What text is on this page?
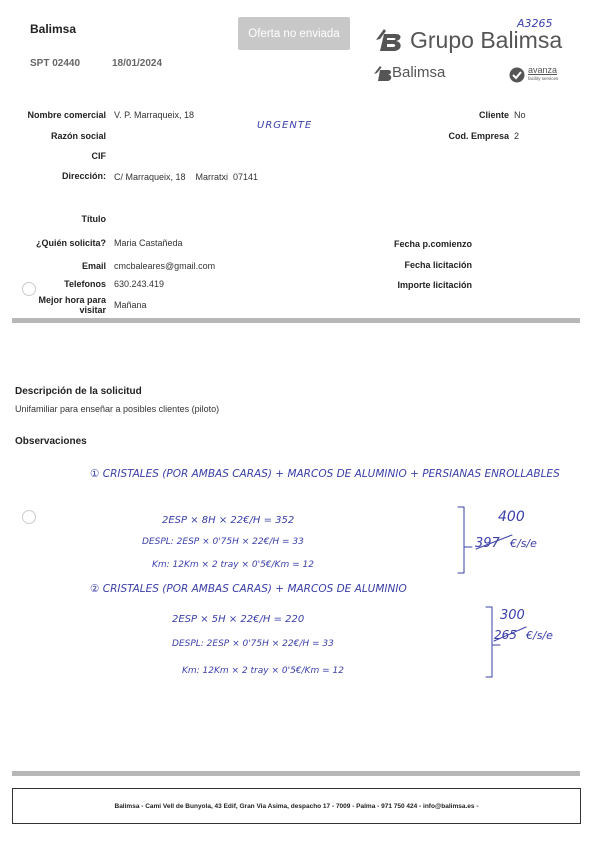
Balimsa
SPT 02440	18/01/2024
Oferta no enviada	Grupo Balimsa
Balimsa	avanza
facility services
A3265
Nombre comercial V. P. Marraqueix, 18
Razón social
CIF
Dirección: C/ Marraqueix, 18    Marratxi  07141
Cliente No
Cod. Empresa 2
URGENTE
Título
¿Quién solicita? Maria Castañeda
Email cmcbaleares@gmail.com
Telefonos 630.243.419
Mejor hora para
visitar Mañana
Fecha p.comienzo
Fecha licitación
Importe licitación
Descripción de la solicitud
Unifamiliar para enseñar a posibles clientes (piloto)
Observaciones
① CRISTALES (POR AMBAS CARAS) + MARCOS DE ALUMINIO + PERSIANAS ENROLLABLES
2ESP × 8H × 22€/H = 352
DESPL: 2ESP × 0'75H × 22€/H = 33
Km: 12Km × 2 tray × 0'5€/Km = 12
400
397 €/s/e
② CRISTALES (POR AMBAS CARAS) + MARCOS DE ALUMINIO
2ESP × 5H × 22€/H = 220
DESPL: 2ESP × 0'75H × 22€/H = 33
Km: 12Km × 2 tray × 0'5€/Km = 12
300
265 €/s/e
Balimsa - Cami Vell de Bunyola, 43 Edif, Gran Via Asima, despacho 17 - 7009 - Palma - 971 750 424 - info@balimsa.es -
